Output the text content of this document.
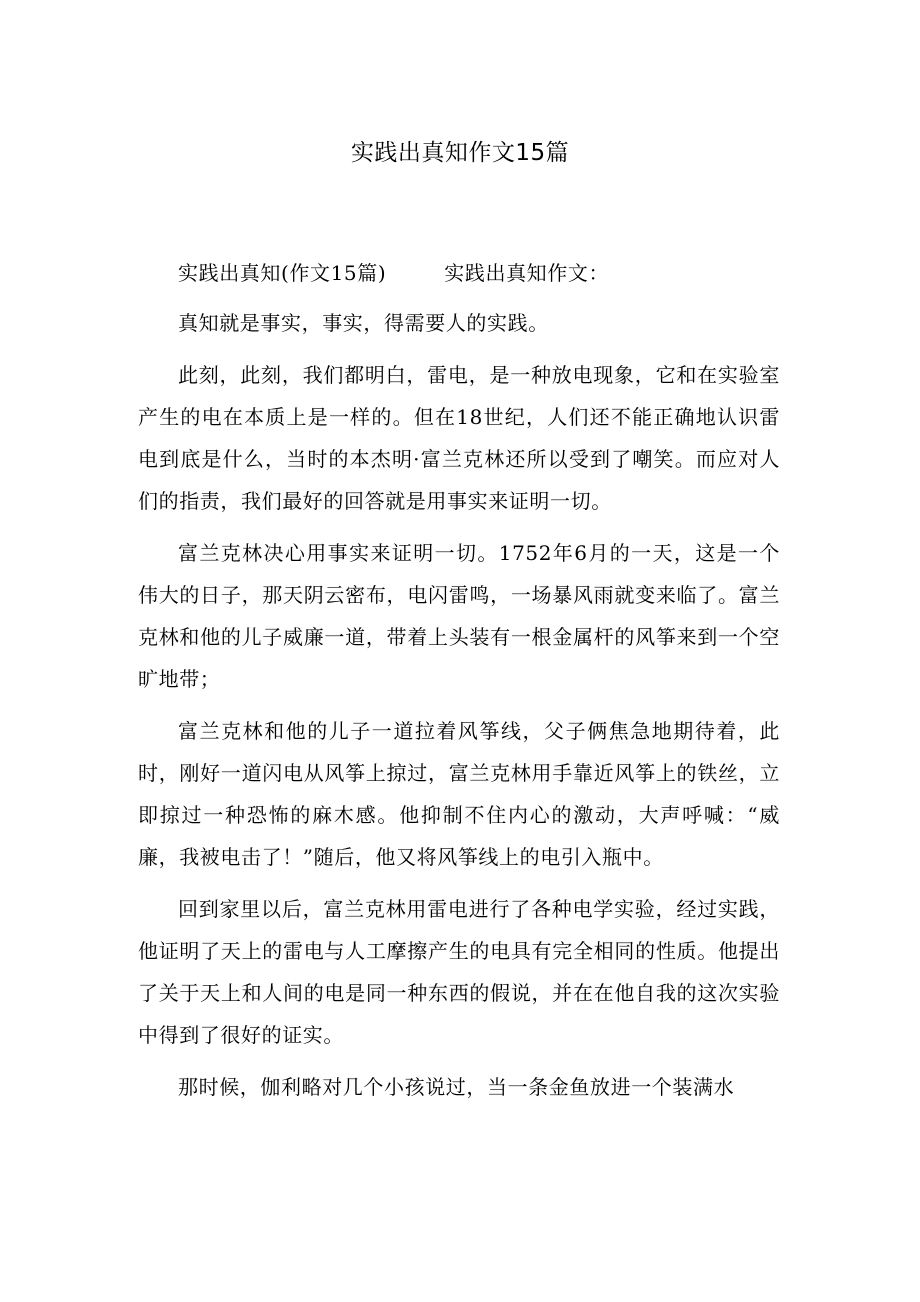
实践出真知作文15篇

实践出真知(作文15篇)	实践出真知作文：

真知就是事实，事实，得需要人的实践。

此刻，此刻，我们都明白，雷电，是一种放电现象，它和在实验室产生的电在本质上是一样的。但在18世纪，人们还不能正确地认识雷电到底是什么，当时的本杰明·富兰克林还所以受到了嘲笑。而应对人们的指责，我们最好的回答就是用事实来证明一切。

富兰克林决心用事实来证明一切。1752年6月的一天，这是一个伟大的日子，那天阴云密布，电闪雷鸣，一场暴风雨就变来临了。富兰克林和他的儿子威廉一道，带着上头装有一根金属杆的风筝来到一个空旷地带；

富兰克林和他的儿子一道拉着风筝线，父子俩焦急地期待着，此时，刚好一道闪电从风筝上掠过，富兰克林用手靠近风筝上的铁丝，立即掠过一种恐怖的麻木感。他抑制不住内心的激动，大声呼喊：“威廉，我被电击了！”随后，他又将风筝线上的电引入瓶中。

回到家里以后，富兰克林用雷电进行了各种电学实验，经过实践，他证明了天上的雷电与人工摩擦产生的电具有完全相同的性质。他提出了关于天上和人间的电是同一种东西的假说，并在在他自我的这次实验中得到了很好的证实。

那时候，伽利略对几个小孩说过，当一条金鱼放进一个装满水
